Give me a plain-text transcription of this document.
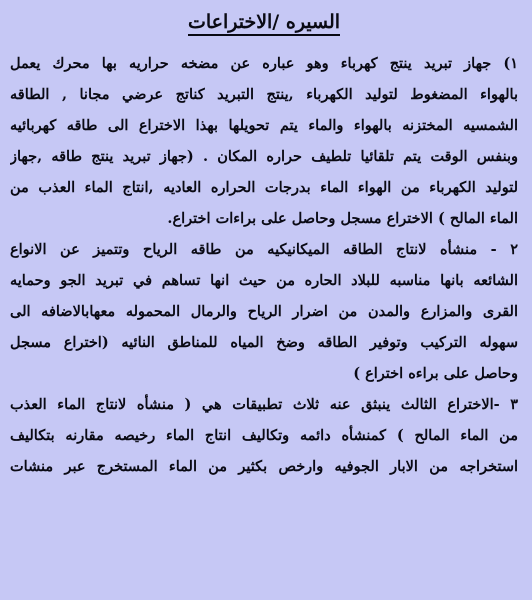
السيره /الاختراعات
١) جهاز تبريد ينتج كهرباء وهو عباره عن مضخه حراريه بها محرك يعمل
بالهواء المضغوط لتوليد الكهرباء ,ينتج التبريد كناتج عرضي مجانا , الطاقه
الشمسيه المختزنه بالهواء والماء يتم تحويلها بهذا الاختراع الى طاقه كهربائيه
وبنفس الوقت يتم تلقائيا تلطيف حراره المكان . (جهاز تبريد ينتج طاقه ,جهاز
لتوليد الكهرباء من الهواء الماء بدرجات الحراره العاديه ,انتاج الماء العذب من
الماء المالح ) الاختراع مسجل وحاصل على براءات اختراع.
٢ - منشأه لانتاج الطاقه الميكانيكيه من طاقه الرياح وتتميز عن الانواع
الشائعه بانها مناسبه للبلاد الحاره من حيث انها تساهم في تبريد الجو وحمايه
القرى والمزارع والمدن من اضرار الرياح والرمال المحموله معهابالاضافه الى
سهوله التركيب وتوفير الطاقه وضخ المياه للمناطق النائيه (اختراع مسجل
وحاصل على براءه اختراع )
٣ -الاختراع الثالث ينبثق عنه ثلاث تطبيقات هي ( منشأه لانتاج الماء العذب
من الماء المالح ) كمنشأه دائمه وتكاليف انتاج الماء رخيصه مقارنه بتكاليف
استخراجه من الابار الجوفيه وارخص بكثير من الماء المستخرج عبر منشات
